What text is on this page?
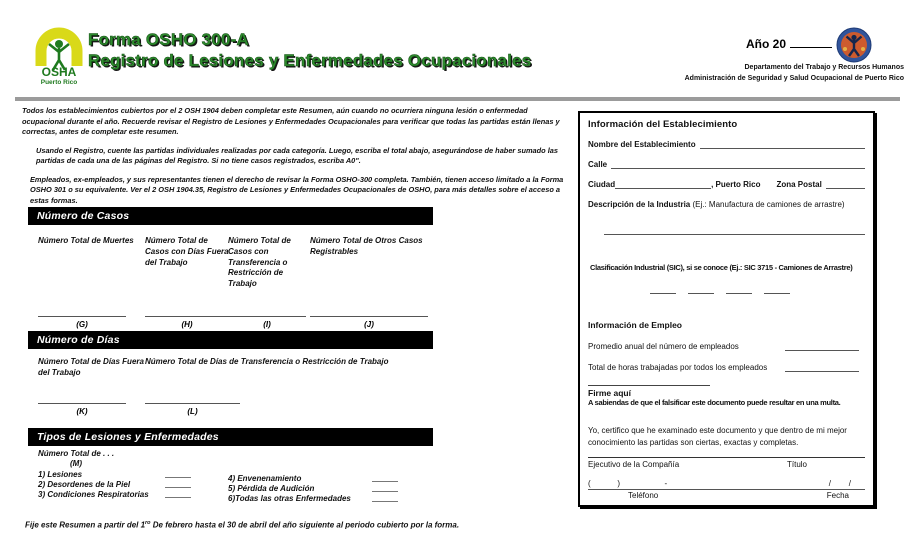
OSHA
Puerto Rico
Forma OSHO 300-A
Registro de Lesiones y Enfermedades Ocupacionales
Año 20
Departamento del Trabajo y Recursos Humanos
Administración de Seguridad y Salud Ocupacional de Puerto Rico

Todos los establecimientos cubiertos por el 2 OSH 1904 deben completar este Resumen, aún cuando no ocurriera ninguna lesión o enfermedad ocupacional durante el año. Recuerde revisar el Registro de Lesiones y Enfermedades Ocupacionales para verificar que todas las partidas están llenas y correctas, antes de completar este resumen.

Usando el Registro, cuente las partidas individuales realizadas por cada categoría. Luego, escriba el total abajo, asegurándose de haber sumado las partidas de cada una de las páginas del Registro. Si no tiene casos registrados, escriba A0".

Empleados, ex-empleados, y sus representantes tienen el derecho de revisar la Forma OSHO-300 completa. También, tienen acceso limitado a la Forma OSHO 301 o su equivalente. Ver el 2 OSH 1904.35, Registro de Lesiones y Enfermedades Ocupacionales de OSHO, para más detalles sobre el acceso a estas formas.

Número de Casos
Número Total de Muertes	Número Total de Casos con Días Fuera del Trabajo
Número Total de Casos con Transferencia o Restricción de Trabajo
Número Total de Otros Casos Registrables
(G)	(H)	(I)	(J)
Número de Días
Número Total de Días Fuera del Trabajo
Número Total de Días de Transferencia o Restricción de Trabajo
(K)	(L)
Tipos de Lesiones y Enfermedades
Número Total de . . .
(M)
1) Lesiones
2) Desordenes de la Piel
3) Condiciones Respiratorias
4) Envenenamiento
5) Pérdida de Audición
6)Todas las otras Enfermedades
Fije este Resumen a partir del $1^{ro}$ De febrero hasta el 30 de abril del año siguiente al periodo cubierto por la forma.
Información del Establecimiento
Nombre del Establecimiento
Calle
Ciudad	, Puerto Rico Zona Postal
Descripción de la Industria (Ej.: Manufactura de camiones de arrastre)
Clasificación Industrial (SIC), si se conoce (Ej.: SIC 3715 - Camiones de Arrastre)
Información de Empleo
Promedio anual del número de empleados
Total de horas trabajadas por todos los empleados
Firme aquí
A sabiendas de que el falsificar este documento puede resultar en una multa.
Yo, certifico que he examinado este documento y que dentro de mi mejor conocimiento las partidas son ciertas, exactas y completas.
Ejecutivo de la Compañía	Título
(            )                    -	/        /
Teléfono	Fecha
